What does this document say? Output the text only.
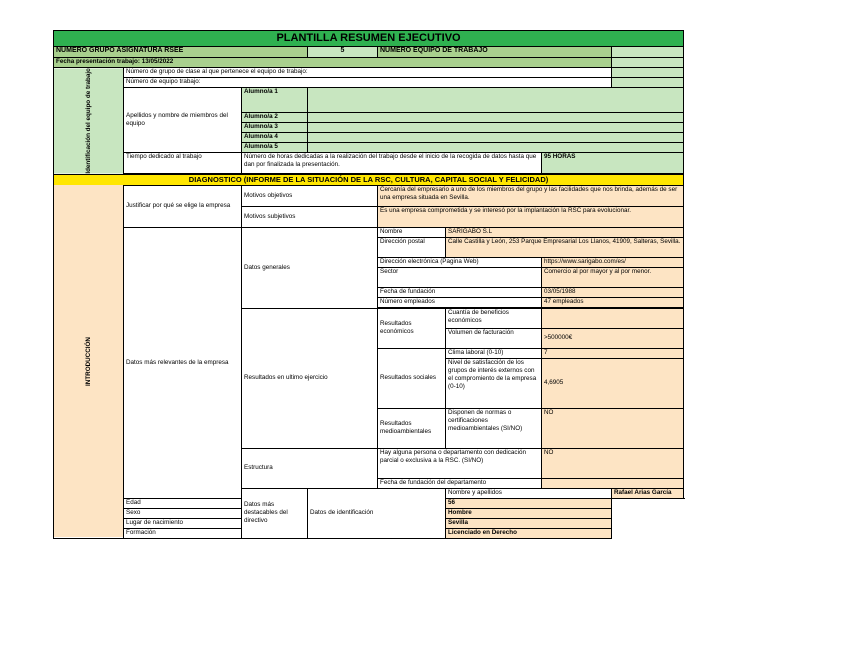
PLANTILLA RESUMEN EJECUTIVO							
NUMERO GRUPO ASIGNATURA RSEE			5	NUMERO EQUIPO DE TRABAJO			
Fecha presentación trabajo: 13/05/2022							
Identificación del equipo de trabajo	Número de grupo de clase al que pertenece el equipo de trabajo:						
	Número de equipo trabajo:						
	Apellidos y nombre de miembros del equipo	Alumno/a 1					
		Alumno/a 2					
		Alumno/a 3					
		Alumno/a 4					
		Alumno/a 5					
	Tiempo dedicado al trabajo	Número de horas dedicadas a la realización del trabajo desde el inicio de la recogida de datos hasta que dan por finalizada la presentación.				95 HORAS	

DIAGNOSTICO (INFORME DE LA SITUACIÓN DE LA RSC, CULTURA, CAPITAL SOCIAL Y FELICIDAD)							
INTRODUCCIÓN	Justificar por qué se elige la empresa	Motivos objetivos		Cercanía del empresario a uno de los miembros del grupo y las facilidades que nos brinda, además de ser una empresa situada en Sevilla.			
		Motivos subjetivos		Es una empresa comprometida y se interesó por la implantación la RSC para evolucionar.			
	Datos más relevantes de la empresa	Datos generales		Nombre	SARIGABO S.L		
				Dirección postal	Calle Castilla y León, 253 Parque Empresarial Los Llanos, 41909, Salteras, Sevilla.		
				Dirección electrónica (Pagina Web)		https://www.sarigabo.com/es/	
				Sector		Comercio al por mayor y al por menor.	
				Fecha de fundación		03/05/1988	
				Número empleados		47 empleados	

		Resultados en ultimo ejercicio		Resultados económicos	Cuantía de beneficios económicos		
					Volumen de facturación	>500000€	
				Resultados sociales	Clima laboral (0-10)	7	
					Nivel de satisfacción de los grupos de interés externos con el compromiento de la empresa (0-10)	4,6905	
				Resultados medioambientales	Disponen de normas o certificaciones medioambientales (SI/NO)	NO	
		Estructura		Hay alguna persona o departamento con dedicación parcial o exclusiva a la RSC. (SI/NO)		NO	
				Fecha de fundación del departamento			
		Datos más destacables del directivo	Datos de identificación		Nombre y apellidos		Rafael Arias García
	Edad				56		
	Sexo				Hombre		
	Lugar de nacimiento				Sevilla		
	Formación				Licenciado en Derecho		
